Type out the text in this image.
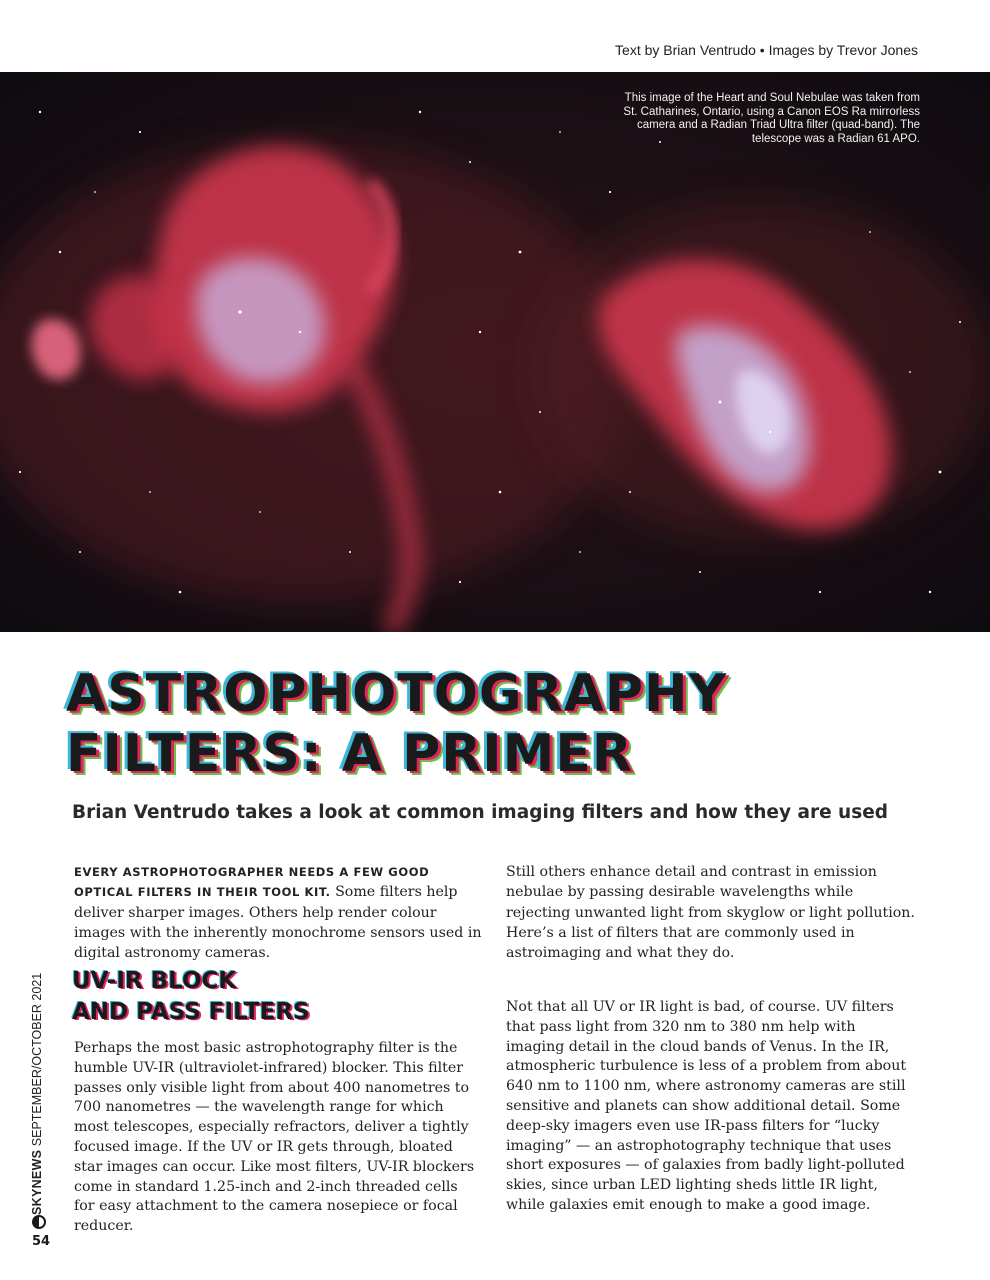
Text by Brian Ventrudo • Images by Trevor Jones
This image of the Heart and Soul Nebulae was taken from St. Catharines, Ontario, using a Canon EOS Ra mirrorless camera and a Radian Triad Ultra filter (quad-band). The telescope was a Radian 61 APO.
ASTROPHOTOGRAPHY
FILTERS: A PRIMER
Brian Ventrudo takes a look at common imaging filters and how they are used

EVERY ASTROPHOTOGRAPHER NEEDS A FEW GOOD OPTICAL FILTERS IN THEIR TOOL KIT. Some filters help deliver sharper images. Others help render colour images with the inherently monochrome sensors used in digital astronomy cameras.

Still others enhance detail and contrast in emission nebulae by passing desirable wavelengths while rejecting unwanted light from skyglow or light pollution. Here’s a list of filters that are commonly used in astroimaging and what they do.

UV-IR BLOCK
AND PASS FILTERS

Perhaps the most basic astrophotography filter is the humble UV-IR (ultraviolet-infrared) blocker. This filter passes only visible light from about 400 nanometres to 700 nanometres — the wavelength range for which most telescopes, especially refractors, deliver a tightly focused image. If the UV or IR gets through, bloated star images can occur. Like most filters, UV-IR blockers come in standard 1.25-inch and 2-inch threaded cells for easy attachment to the camera nosepiece or focal reducer.

Not that all UV or IR light is bad, of course. UV filters that pass light from 320 nm to 380 nm help with imaging detail in the cloud bands of Venus. In the IR, atmospheric turbulence is less of a problem from about 640 nm to 1100 nm, where astronomy cameras are still sensitive and planets can show additional detail. Some deep-sky imagers even use IR-pass filters for “lucky imaging” — an astrophotography technique that uses short exposures — of galaxies from badly light-polluted skies, since urban LED lighting sheds little IR light, while galaxies emit enough to make a good image.

SKYNEWS SEPTEMBER/OCTOBER 2021
54
